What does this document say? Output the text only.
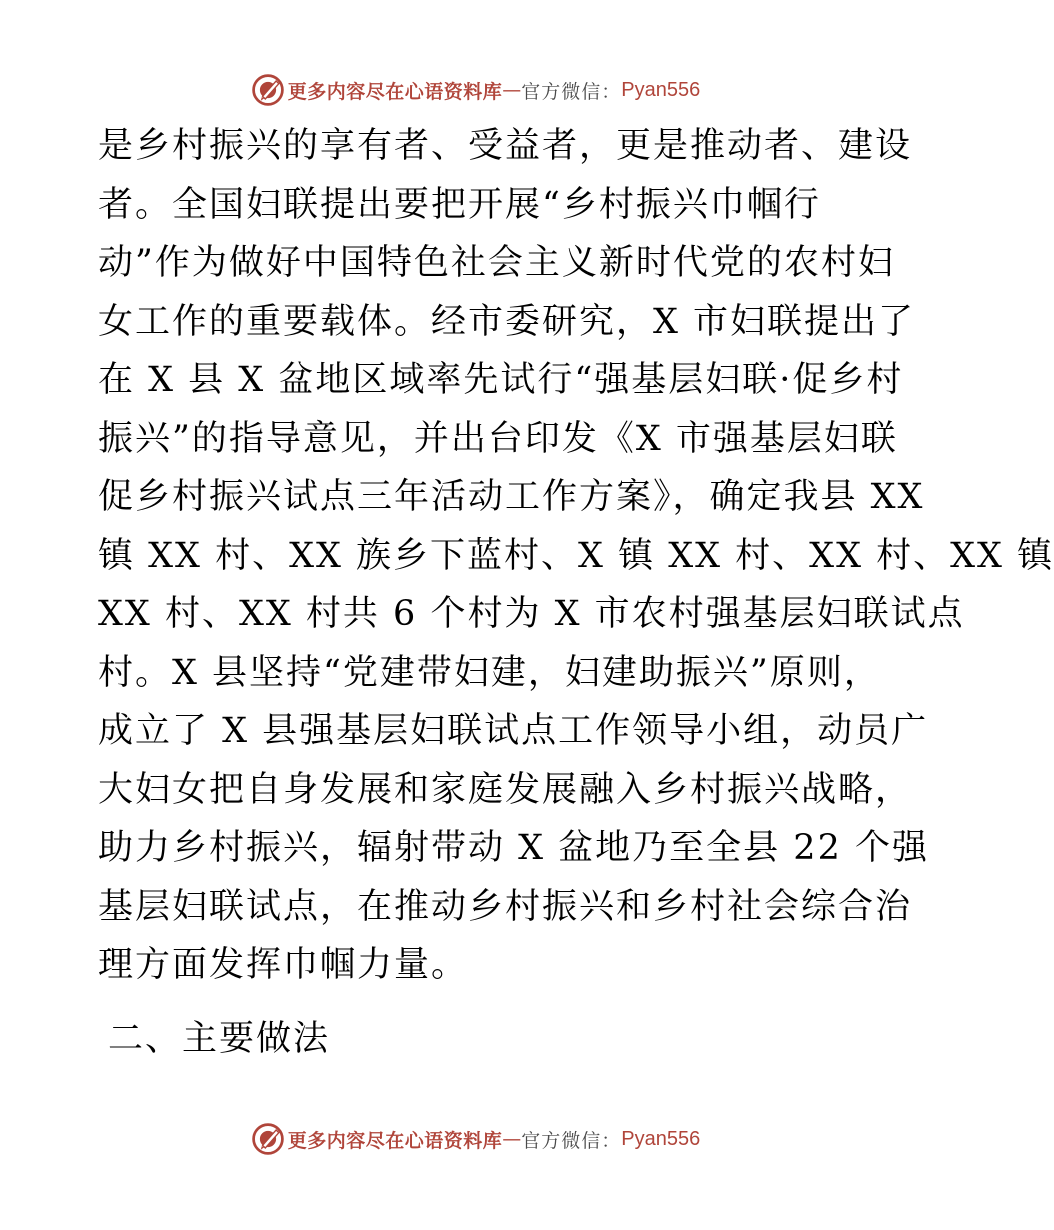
更多内容尽在心语资料库 — 官方微信： Pyan556
是乡村振兴的享有者、受益者，更是推动者、建设
者。全国妇联提出要把开展“乡村振兴巾帼行
动”作为做好中国特色社会主义新时代党的农村妇
女工作的重要载体。经市委研究，X 市妇联提出了
在 X 县 X 盆地区域率先试行“强基层妇联·促乡村
振兴”的指导意见，并出台印发《X 市强基层妇联
促乡村振兴试点三年活动工作方案》，确定我县 XX
镇 XX 村、XX 族乡下蓝村、X 镇 XX 村、XX 村、XX 镇
XX 村、XX 村共 6 个村为 X 市农村强基层妇联试点
村。X 县坚持“党建带妇建，妇建助振兴”原则，
成立了 X 县强基层妇联试点工作领导小组，动员广
大妇女把自身发展和家庭发展融入乡村振兴战略，
助力乡村振兴，辐射带动 X 盆地乃至全县 22 个强
基层妇联试点，在推动乡村振兴和乡村社会综合治
理方面发挥巾帼力量。
二、主要做法
更多内容尽在心语资料库 — 官方微信： Pyan556
